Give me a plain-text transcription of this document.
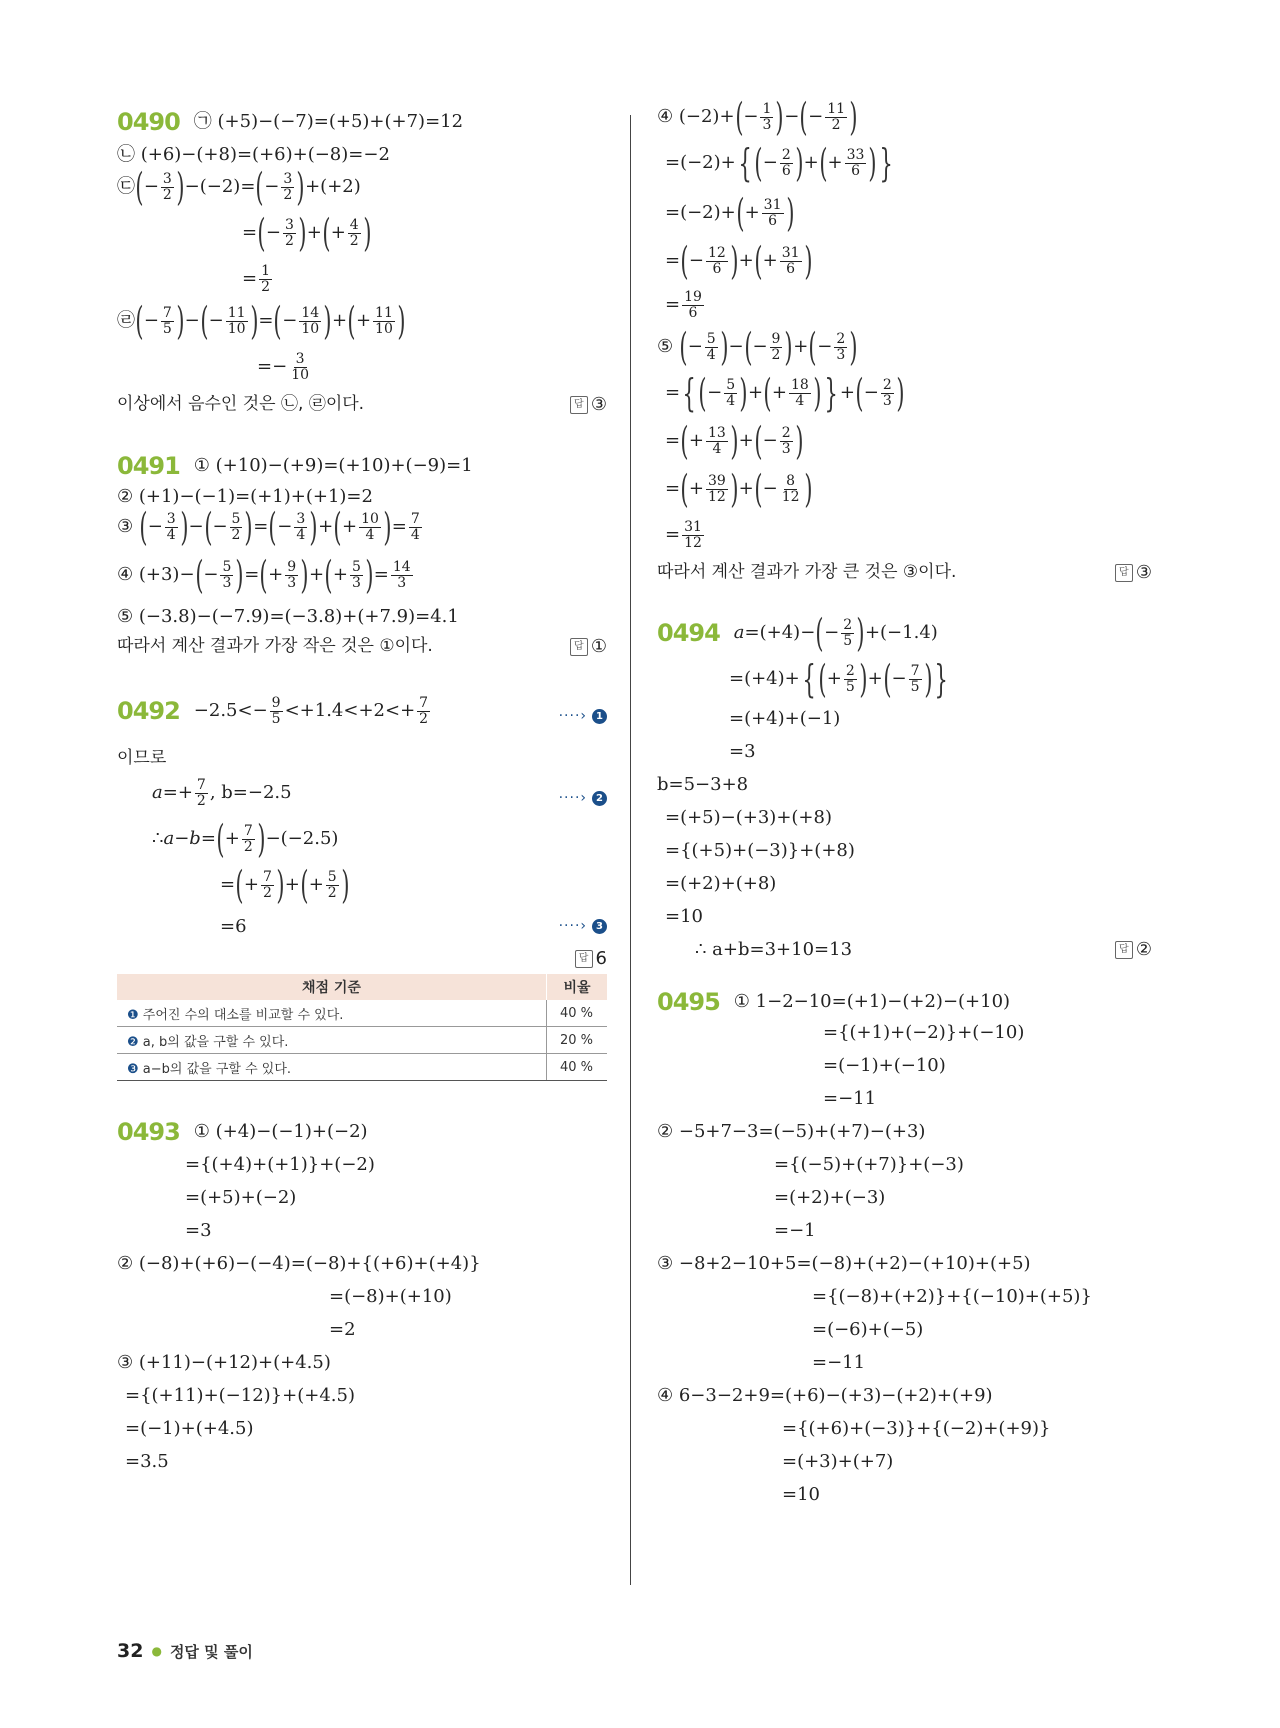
0490 ㉠ (+5)−(−7)=(+5)+(+7)=12
㉡ (+6)−(+8)=(+6)+(−8)=−2
㉢ ( − $\frac{3}{2}$ ) −(−2)= ( − $\frac{3}{2}$ ) +(+2)
= ( − $\frac{3}{2}$ ) + ( + $\frac{4}{2}$ )
= $\frac{1}{2}$
㉣ ( − $\frac{7}{5}$ ) − ( − $\frac{11}{10}$ ) = ( − $\frac{14}{10}$ ) + ( + $\frac{11}{10}$ )
= − $\frac{3}{10}$
이상에서 음수인 것은 ㉡, ㉣이다.	답 ③
0491 ① (+10)−(+9)=(+10)+(−9)=1
② (+1)−(−1)=(+1)+(+1)=2
③ ( − $\frac{3}{4}$ ) − ( − $\frac{5}{2}$ ) = ( − $\frac{3}{4}$ ) + ( + $\frac{10}{4}$ ) = $\frac{7}{4}$
④ (+3)− ( − $\frac{5}{3}$ ) = ( + $\frac{9}{3}$ ) + ( + $\frac{5}{3}$ ) = $\frac{14}{3}$
⑤ (−3.8)−(−7.9)=(−3.8)+(+7.9)=4.1
따라서 계산 결과가 가장 작은 것은 ①이다.	답 ①
$0492 -2.5<- \frac{9}{5} <+1.4<+2<+ \frac{7}{2}$	····› 1
이므로
$a =+ \frac{7}{2}$ , b=−2.5	····› 2
∴ a − b = ( + $\frac{7}{2}$ ) −(−2.5)
= ( + $\frac{7}{2}$ ) + ( + $\frac{5}{2}$ )
=6	····› 3
답 6
채점 기준	비율
❶ 주어진 수의 대소를 비교할 수 있다.	40 %
❷ a, b의 값을 구할 수 있다.	20 %
❸ a−b의 값을 구할 수 있다.	40 %
0493 ① (+4)−(−1)+(−2)
={(+4)+(+1)}+(−2)
=(+5)+(−2)
=3
② (−8)+(+6)−(−4)=(−8)+{(+6)+(+4)}
=(−8)+(+10)
=2
③ (+11)−(+12)+(+4.5)
={(+11)+(−12)}+(+4.5)
=(−1)+(+4.5)
=3.5
④ (−2)+ ( − $\frac{1}{3}$ ) − ( − $\frac{11}{2}$ )
=(−2)+ { ( − $\frac{2}{6}$ ) + ( + $\frac{33}{6}$ ) }
=(−2)+ ( + $\frac{31}{6}$ )
= ( − $\frac{12}{6}$ ) + ( + $\frac{31}{6}$ )
= $\frac{19}{6}$
⑤ ( − $\frac{5}{4}$ ) − ( − $\frac{9}{2}$ ) + ( − $\frac{2}{3}$ )
= { ( − $\frac{5}{4}$ ) + ( + $\frac{18}{4}$ ) } + ( − $\frac{2}{3}$ )
= ( + $\frac{13}{4}$ ) + ( − $\frac{2}{3}$ )
= ( + $\frac{39}{12}$ ) + ( − $\frac{8}{12}$ )
= $\frac{31}{12}$
따라서 계산 결과가 가장 큰 것은 ③이다.	답 ③
0494 a =(+4)− ( − $\frac{2}{5}$ ) +(−1.4)
=(+4)+ { ( + $\frac{2}{5}$ ) + ( − $\frac{7}{5}$ ) }
=(+4)+(−1)
=3
b=5−3+8
=(+5)−(+3)+(+8)
={(+5)+(−3)}+(+8)
=(+2)+(+8)
=10
∴ a+b=3+10=13	답 ②
0495 ① 1−2−10=(+1)−(+2)−(+10)
={(+1)+(−2)}+(−10)
=(−1)+(−10)
=−11
② −5+7−3=(−5)+(+7)−(+3)
={(−5)+(+7)}+(−3)
=(+2)+(−3)
=−1
③ −8+2−10+5=(−8)+(+2)−(+10)+(+5)
={(−8)+(+2)}+{(−10)+(+5)}
=(−6)+(−5)
=−11
④ 6−3−2+9=(+6)−(+3)−(+2)+(+9)
={(+6)+(−3)}+{(−2)+(+9)}
=(+3)+(+7)
=10
32 ● 정답 및 풀이
